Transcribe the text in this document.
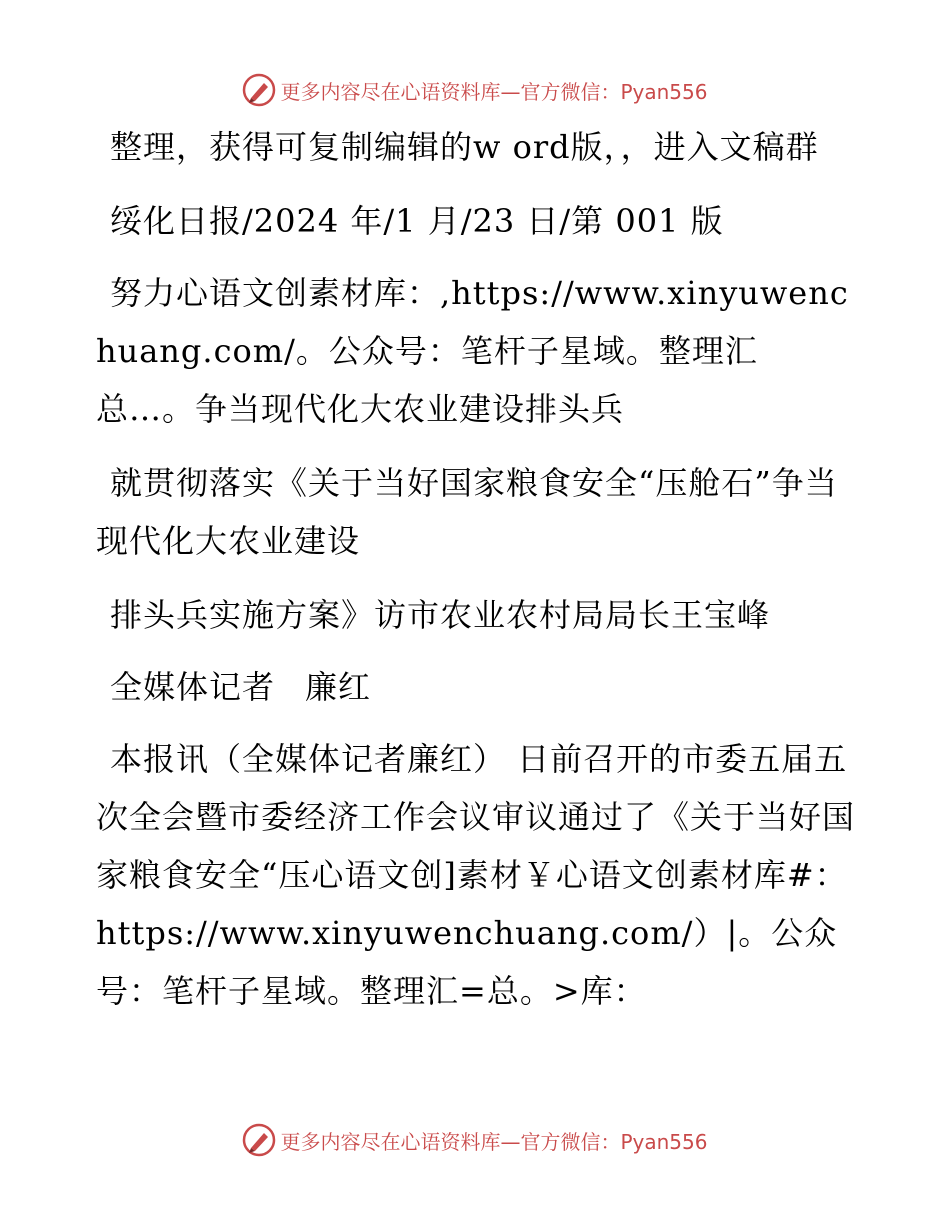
更多内容尽在心语资料库—官方微信：Pyan556

整理，获得可复制编辑的w ord版，，进入文稿群

绥化日报/2024 年/1 月/23 日/第 001 版

努力心语文创素材库：,https://www.xinyuwenchuang.com/。公众号：笔杆子星域。整理汇总…。争当现代化大农业建设排头兵

就贯彻落实《关于当好国家粮食安全“压舱石”争当现代化大农业建设

排头兵实施方案》访市农业农村局局长王宝峰

全媒体记者 廉红

本报讯（全媒体记者廉红） 日前召开的市委五届五次全会暨市委经济工作会议审议通过了《关于当好国家粮食安全“压心语文创]素材￥心语文创素材库#：https://www.xinyuwenchuang.com/）|。公众号：笔杆子星域。整理汇=总。>库：

更多内容尽在心语资料库—官方微信：Pyan556
